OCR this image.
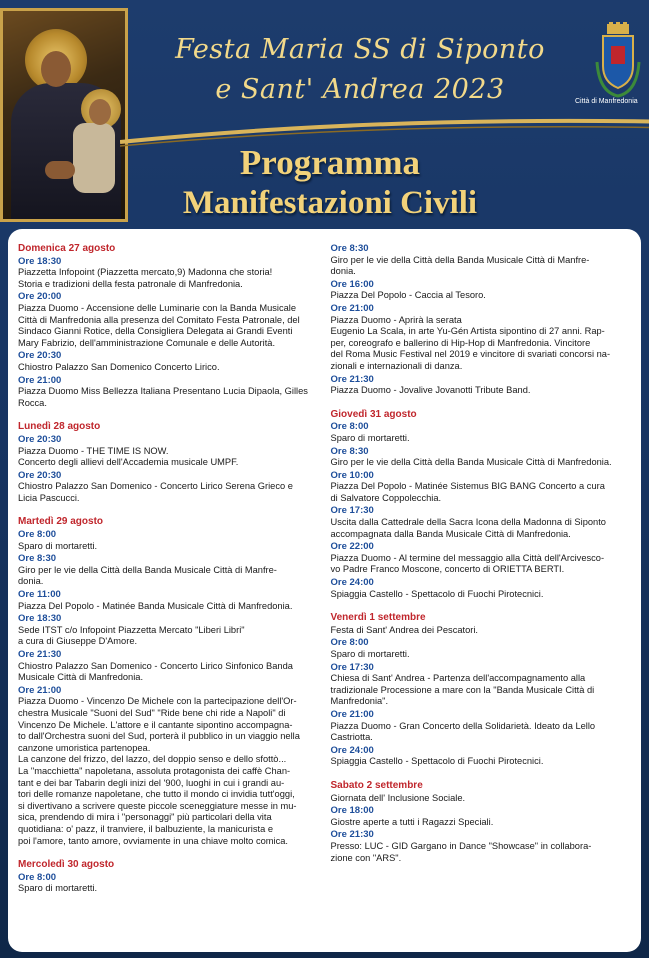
Festa Maria SS di Siponto
e Sant' Andrea 2023	Città di Manfredonia
Programma
Manifestazioni Civili
Domenica 27 agosto
Ore 18:30
Piazzetta Infopoint (Piazzetta mercato,9) Madonna che storia!
Storia e tradizioni della festa patronale di Manfredonia.
Ore 20:00
Piazza Duomo - Accensione delle Luminarie con la Banda Musicale
Città di Manfredonia alla presenza del Comitato Festa Patronale, del
Sindaco Gianni Rotice, della Consigliera Delegata ai Grandi Eventi
Mary Fabrizio, dell'amministrazione Comunale e delle Autorità.
Ore 20:30
Chiostro Palazzo San Domenico Concerto Lirico.
Ore 21:00
Piazza Duomo Miss Bellezza Italiana Presentano Lucia Dipaola, Gilles
Rocca.
Lunedì 28 agosto
Ore 20:30
Piazza Duomo - THE TIME IS NOW.
Concerto degli allievi dell'Accademia musicale UMPF.
Ore 20:30
Chiostro Palazzo San Domenico - Concerto Lirico Serena Grieco e
Licia Pascucci.
Martedì 29 agosto
Ore 8:00
Sparo di mortaretti.
Ore 8:30
Giro per le vie della Città della Banda Musicale Città di Manfre-
donia.
Ore 11:00
Piazza Del Popolo - Matinée Banda Musicale Città di Manfredonia.
Ore 18:30
Sede ITST c/o Infopoint Piazzetta Mercato "Liberi Libri"
a cura di Giuseppe D'Amore.
Ore 21:30
Chiostro Palazzo San Domenico - Concerto Lirico Sinfonico Banda
Musicale Città di Manfredonia.
Ore 21:00
Piazza Duomo - Vincenzo De Michele con la partecipazione dell'Or-
chestra Musicale "Suoni del Sud" "Ride bene chi ride a Napoli" di
Vincenzo De Michele. L'attore e il cantante sipontino accompagna-
to dall'Orchestra suoni del Sud, porterà il pubblico in un viaggio nella
canzone umoristica partenopea.
La canzone del frizzo, del lazzo, del doppio senso e dello sfottò...
La "macchietta" napoletana, assoluta protagonista dei caffè Chan-
tant e dei bar Tabarin degli inizi del '900, luoghi in cui i grandi au-
tori delle romanze napoletane, che tutto il mondo ci invidia tutt'oggi,
si divertivano a scrivere queste piccole sceneggiature messe in mu-
sica, prendendo di mira i "personaggi" più particolari della vita
quotidiana: o' pazz, il tranviere, il balbuziente, la manicurista e
poi l'amore, tanto amore, ovviamente in una chiave molto comica.
Mercoledì 30 agosto
Ore 8:00
Sparo di mortaretti.
Ore 8:30
Giro per le vie della Città della Banda Musicale Città di Manfre-
donia.
Ore 16:00
Piazza Del Popolo - Caccia al Tesoro.
Ore 21:00
Piazza Duomo - Aprirà la serata
Eugenio La Scala, in arte Yu-Gén Artista sipontino di 27 anni. Rap-
per, coreografo e ballerino di Hip-Hop di Manfredonia. Vincitore
del Roma Music Festival nel 2019 e vincitore di svariati concorsi na-
zionali e internazionali di danza.
Ore 21:30
Piazza Duomo - Jovalive Jovanotti Tribute Band.
Giovedì 31 agosto
Ore 8:00
Sparo di mortaretti.
Ore 8:30
Giro per le vie della Città della Banda Musicale Città di Manfredonia.
Ore 10:00
Piazza Del Popolo - Matinée Sistemus BIG BANG Concerto a cura
di Salvatore Coppolecchia.
Ore 17:30
Uscita dalla Cattedrale della Sacra Icona della Madonna di Siponto
accompagnata dalla Banda Musicale Città di Manfredonia.
Ore 22:00
Piazza Duomo - Al termine del messaggio alla Città dell'Arcivesco-
vo Padre Franco Moscone, concerto di ORIETTA BERTI.
Ore 24:00
Spiaggia Castello - Spettacolo di Fuochi Pirotecnici.
Venerdì 1 settembre
Festa di Sant' Andrea dei Pescatori.
Ore 8:00
Sparo di mortaretti.
Ore 17:30
Chiesa di Sant' Andrea - Partenza dell'accompagnamento alla
tradizionale Processione a mare con la "Banda Musicale Città di
Manfredonia".
Ore 21:00
Piazza Duomo - Gran Concerto della Solidarietà. Ideato da Lello
Castriotta.
Ore 24:00
Spiaggia Castello - Spettacolo di Fuochi Pirotecnici.
Sabato 2 settembre
Giornata dell' Inclusione Sociale.
Ore 18:00
Giostre aperte a tutti i Ragazzi Speciali.
Ore 21:30
Presso: LUC - GID Gargano in Dance "Showcase" in collabora-
zione con "ARS".
